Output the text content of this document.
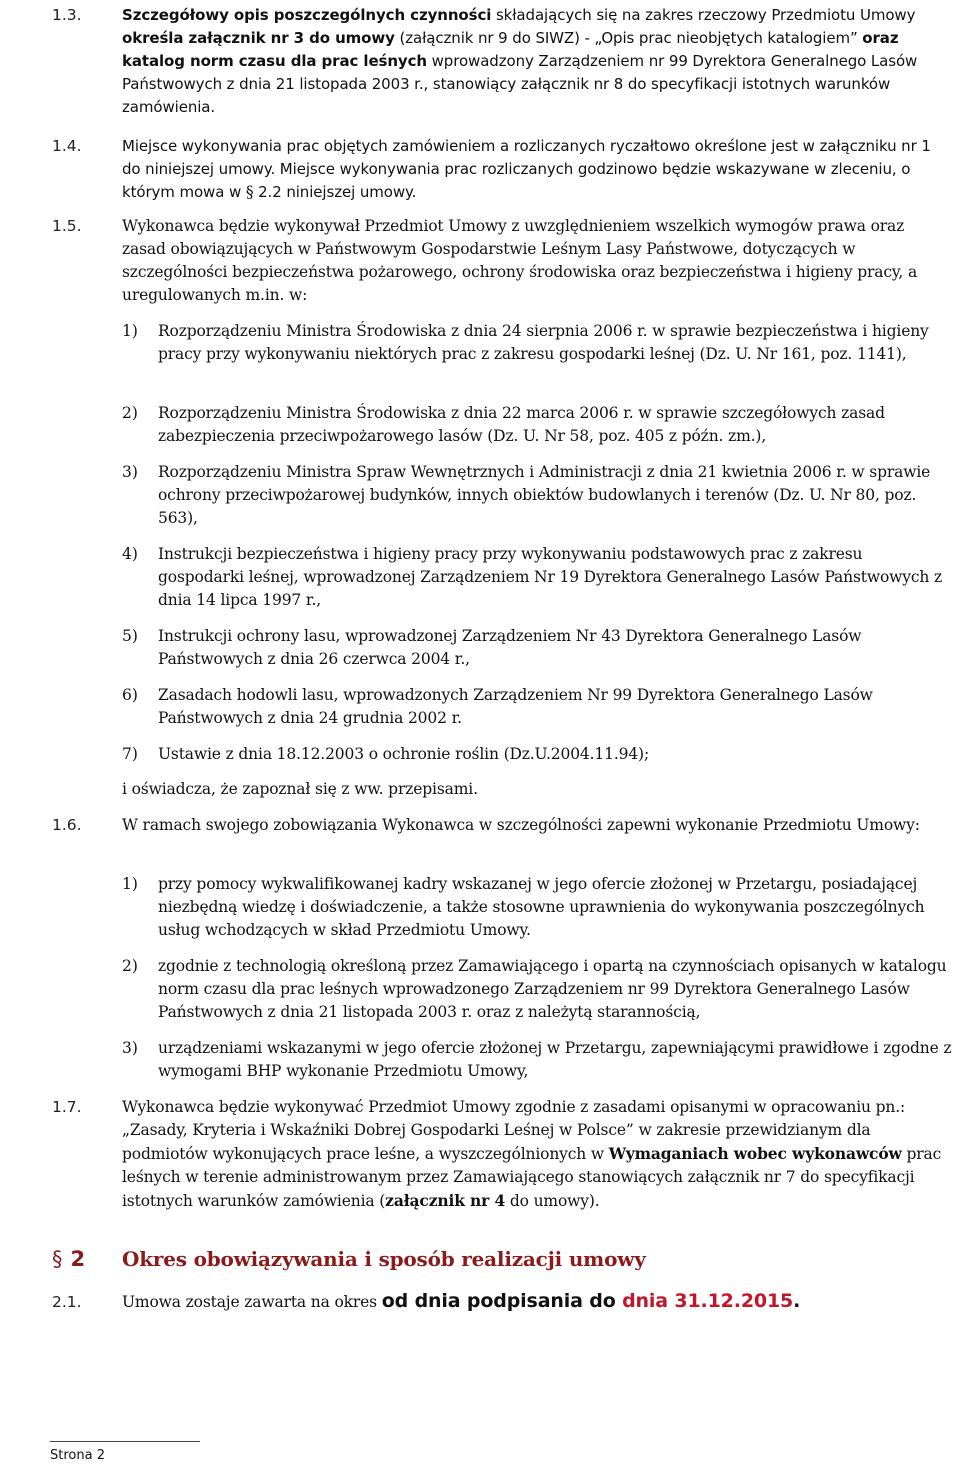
1.3.	Szczegółowy opis poszczególnych czynności składających się na zakres rzeczowy Przedmiotu Umowy określa załącznik nr 3 do umowy (załącznik nr 9 do SIWZ) - „Opis prac nieobjętych katalogiem” oraz katalog norm czasu dla prac leśnych wprowadzony Zarządzeniem nr 99 Dyrektora Generalnego Lasów Państwowych z dnia 21 listopada 2003 r., stanowiący załącznik nr 8 do specyfikacji istotnych warunków zamówienia.
1.4.	Miejsce wykonywania prac objętych zamówieniem a rozliczanych ryczałtowo określone jest w załączniku nr 1 do niniejszej umowy. Miejsce wykonywania prac rozliczanych godzinowo będzie wskazywane w zleceniu, o którym mowa w § 2.2 niniejszej umowy.
1.5.	Wykonawca będzie wykonywał Przedmiot Umowy z uwzględnieniem wszelkich wymogów prawa oraz zasad obowiązujących w Państwowym Gospodarstwie Leśnym Lasy Państwowe, dotyczących w szczególności bezpieczeństwa pożarowego, ochrony środowiska oraz bezpieczeństwa i higieny pracy, a uregulowanych m.in. w:
1)	Rozporządzeniu Ministra Środowiska z dnia 24 sierpnia 2006 r. w sprawie bezpieczeństwa i higieny pracy przy wykonywaniu niektórych prac z zakresu gospodarki leśnej (Dz. U. Nr 161, poz. 1141),
2)	Rozporządzeniu Ministra Środowiska z dnia 22 marca 2006 r. w sprawie szczegółowych zasad zabezpieczenia przeciwpożarowego lasów (Dz. U. Nr 58, poz. 405 z późn. zm.),
3)	Rozporządzeniu Ministra Spraw Wewnętrznych i Administracji z dnia 21 kwietnia 2006 r. w sprawie ochrony przeciwpożarowej budynków, innych obiektów budowlanych i terenów (Dz. U. Nr 80, poz. 563),
4)	Instrukcji bezpieczeństwa i higieny pracy przy wykonywaniu podstawowych prac z zakresu gospodarki leśnej, wprowadzonej Zarządzeniem Nr 19 Dyrektora Generalnego Lasów Państwowych z dnia 14 lipca 1997 r.,
5)	Instrukcji ochrony lasu, wprowadzonej Zarządzeniem Nr 43 Dyrektora Generalnego Lasów Państwowych z dnia 26 czerwca 2004 r.,
6)	Zasadach hodowli lasu, wprowadzonych Zarządzeniem Nr 99 Dyrektora Generalnego Lasów Państwowych z dnia 24 grudnia 2002 r.
7)	Ustawie z dnia 18.12.2003 o ochronie roślin (Dz.U.2004.11.94);
i oświadcza, że zapoznał się z ww. przepisami.
1.6.	W ramach swojego zobowiązania Wykonawca w szczególności zapewni wykonanie Przedmiotu Umowy:
1)	przy pomocy wykwalifikowanej kadry wskazanej w jego ofercie złożonej w Przetargu, posiadającej niezbędną wiedzę i doświadczenie, a także stosowne uprawnienia do wykonywania poszczególnych usług wchodzących w skład Przedmiotu Umowy.
2)	zgodnie z technologią określoną przez Zamawiającego i opartą na czynnościach opisanych w katalogu norm czasu dla prac leśnych wprowadzonego Zarządzeniem nr 99 Dyrektora Generalnego Lasów Państwowych z dnia 21 listopada 2003 r. oraz z należytą starannością,
3)	urządzeniami wskazanymi w jego ofercie złożonej w Przetargu, zapewniającymi prawidłowe i zgodne z wymogami BHP wykonanie Przedmiotu Umowy,
1.7.	Wykonawca będzie wykonywać Przedmiot Umowy zgodnie z zasadami opisanymi w opracowaniu pn.: „Zasady, Kryteria i Wskaźniki Dobrej Gospodarki Leśnej w Polsce” w zakresie przewidzianym dla podmiotów wykonujących prace leśne, a wyszczególnionych w Wymaganiach wobec wykonawców prac leśnych w terenie administrowanym przez Zamawiającego stanowiących załącznik nr 7 do specyfikacji istotnych warunków zamówienia (załącznik nr 4 do umowy).
§ 2 Okres obowiązywania i sposób realizacji umowy
2.1.	Umowa zostaje zawarta na okres od dnia podpisania do dnia 31.12.2015.
Strona 2
